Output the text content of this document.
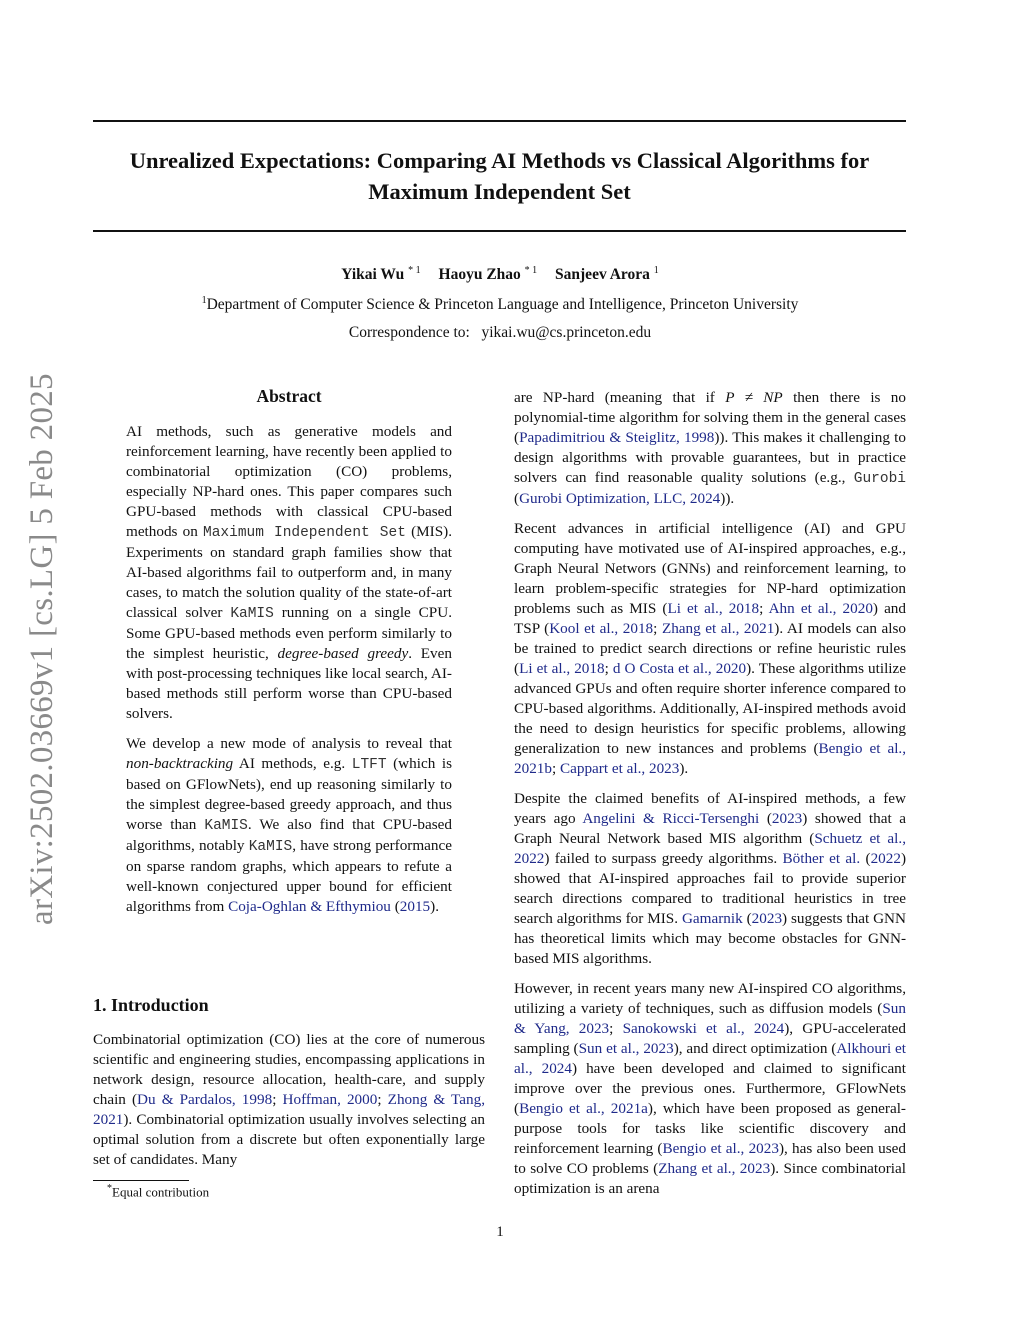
arXiv:2502.03669v1 [cs.LG] 5 Feb 2025
Unrealized Expectations: Comparing AI Methods vs Classical Algorithms for Maximum Independent Set
Yikai Wu $^{* 1}$ Haoyu Zhao $^{* 1}$ Sanjeev Arora $^1$
$^1$Department of Computer Science & Princeton Language and Intelligence, Princeton University
Correspondence to:   yikai.wu@cs.princeton.edu
Abstract

AI methods, such as generative models and reinforcement learning, have recently been applied to combinatorial optimization (CO) problems, especially NP-hard ones. This paper compares such GPU-based methods with classical CPU-based methods on Maximum Independent Set (MIS). Experiments on standard graph families show that AI-based algorithms fail to outperform and, in many cases, to match the solution quality of the state-of-art classical solver KaMIS running on a single CPU. Some GPU-based methods even perform similarly to the simplest heuristic, degree-based greedy. Even with post-processing techniques like local search, AI-based methods still perform worse than CPU-based solvers.

We develop a new mode of analysis to reveal that non-backtracking AI methods, e.g. LTFT (which is based on GFlowNets), end up reasoning similarly to the simplest degree-based greedy approach, and thus worse than KaMIS. We also find that CPU-based algorithms, notably KaMIS, have strong performance on sparse random graphs, which appears to refute a well-known conjectured upper bound for efficient algorithms from Coja-Oghlan & Efthymiou (2015).

1. Introduction

Combinatorial optimization (CO) lies at the core of numerous scientific and engineering studies, encompassing applications in network design, resource allocation, health-care, and supply chain (Du & Pardalos, 1998; Hoffman, 2000; Zhong & Tang, 2021). Combinatorial optimization usually involves selecting an optimal solution from a discrete but often exponentially large set of candidates. Many

are NP-hard (meaning that if P ≠ NP then there is no polynomial-time algorithm for solving them in the general cases (Papadimitriou & Steiglitz, 1998)). This makes it challenging to design algorithms with provable guarantees, but in practice solvers can find reasonable quality solutions (e.g., Gurobi (Gurobi Optimization, LLC, 2024)).

Recent advances in artificial intelligence (AI) and GPU computing have motivated use of AI-inspired approaches, e.g., Graph Neural Networs (GNNs) and reinforcement learning, to learn problem-specific strategies for NP-hard optimization problems such as MIS (Li et al., 2018; Ahn et al., 2020) and TSP (Kool et al., 2018; Zhang et al., 2021). AI models can also be trained to predict search directions or refine heuristic rules (Li et al., 2018; d O Costa et al., 2020). These algorithms utilize advanced GPUs and often require shorter inference compared to CPU-based algorithms. Additionally, AI-inspired methods avoid the need to design heuristics for specific problems, allowing generalization to new instances and problems (Bengio et al., 2021b; Cappart et al., 2023).

Despite the claimed benefits of AI-inspired methods, a few years ago Angelini & Ricci-Tersenghi (2023) showed that a Graph Neural Network based MIS algorithm (Schuetz et al., 2022) failed to surpass greedy algorithms. Böther et al. (2022) showed that AI-inspired approaches fail to provide superior search directions compared to traditional heuristics in tree search algorithms for MIS. Gamarnik (2023) suggests that GNN has theoretical limits which may become obstacles for GNN-based MIS algorithms.

However, in recent years many new AI-inspired CO algorithms, utilizing a variety of techniques, such as diffusion models (Sun & Yang, 2023; Sanokowski et al., 2024), GPU-accelerated sampling (Sun et al., 2023), and direct optimization (Alkhouri et al., 2024) have been developed and claimed to significant improve over the previous ones. Furthermore, GFlowNets (Bengio et al., 2021a), which have been proposed as general-purpose tools for tasks like scientific discovery and reinforcement learning (Bengio et al., 2023), has also been used to solve CO problems (Zhang et al., 2023). Since combinatorial optimization is an arena

*Equal contribution
1
